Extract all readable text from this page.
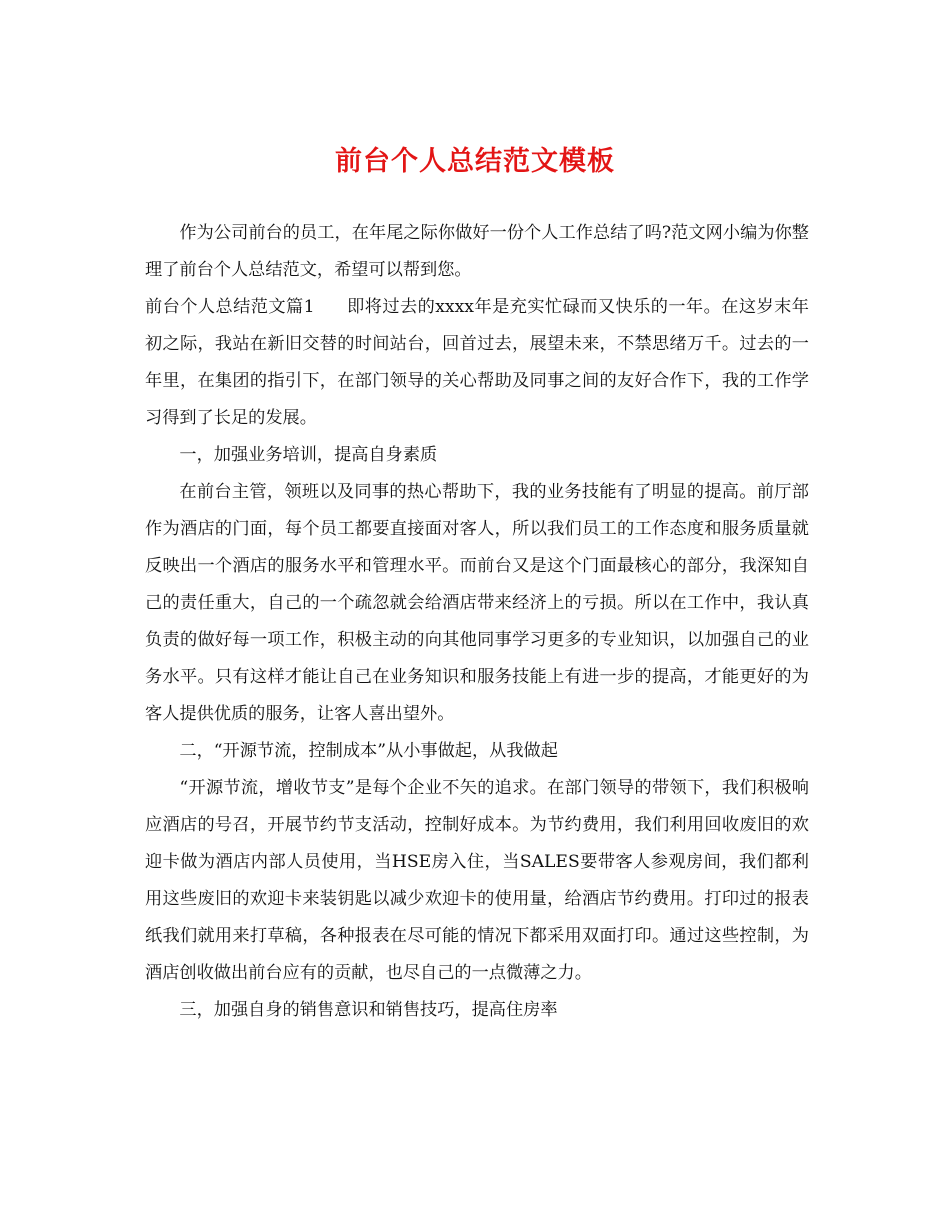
前台个人总结范文模板

作为公司前台的员工，在年尾之际你做好一份个人工作总结了吗?范文网小编为你整理了前台个人总结范文，希望可以帮到您。

前台个人总结范文篇1 即将过去的xxxx年是充实忙碌而又快乐的一年。在这岁末年初之际，我站在新旧交替的时间站台，回首过去，展望未来，不禁思绪万千。过去的一年里，在集团的指引下，在部门领导的关心帮助及同事之间的友好合作下，我的工作学习得到了长足的发展。

一，加强业务培训，提高自身素质

在前台主管，领班以及同事的热心帮助下，我的业务技能有了明显的提高。前厅部作为酒店的门面，每个员工都要直接面对客人，所以我们员工的工作态度和服务质量就反映出一个酒店的服务水平和管理水平。而前台又是这个门面最核心的部分，我深知自己的责任重大，自己的一个疏忽就会给酒店带来经济上的亏损。所以在工作中，我认真负责的做好每一项工作，积极主动的向其他同事学习更多的专业知识，以加强自己的业务水平。只有这样才能让自己在业务知识和服务技能上有进一步的提高，才能更好的为客人提供优质的服务，让客人喜出望外。

二，“开源节流，控制成本”从小事做起，从我做起

“开源节流，增收节支”是每个企业不矢的追求。在部门领导的带领下，我们积极响应酒店的号召，开展节约节支活动，控制好成本。为节约费用，我们利用回收废旧的欢迎卡做为酒店内部人员使用，当HSE房入住，当SALES要带客人参观房间，我们都利用这些废旧的欢迎卡来装钥匙以减少欢迎卡的使用量，给酒店节约费用。打印过的报表纸我们就用来打草稿，各种报表在尽可能的情况下都采用双面打印。通过这些控制，为酒店创收做出前台应有的贡献，也尽自己的一点微薄之力。

三，加强自身的销售意识和销售技巧，提高住房率
